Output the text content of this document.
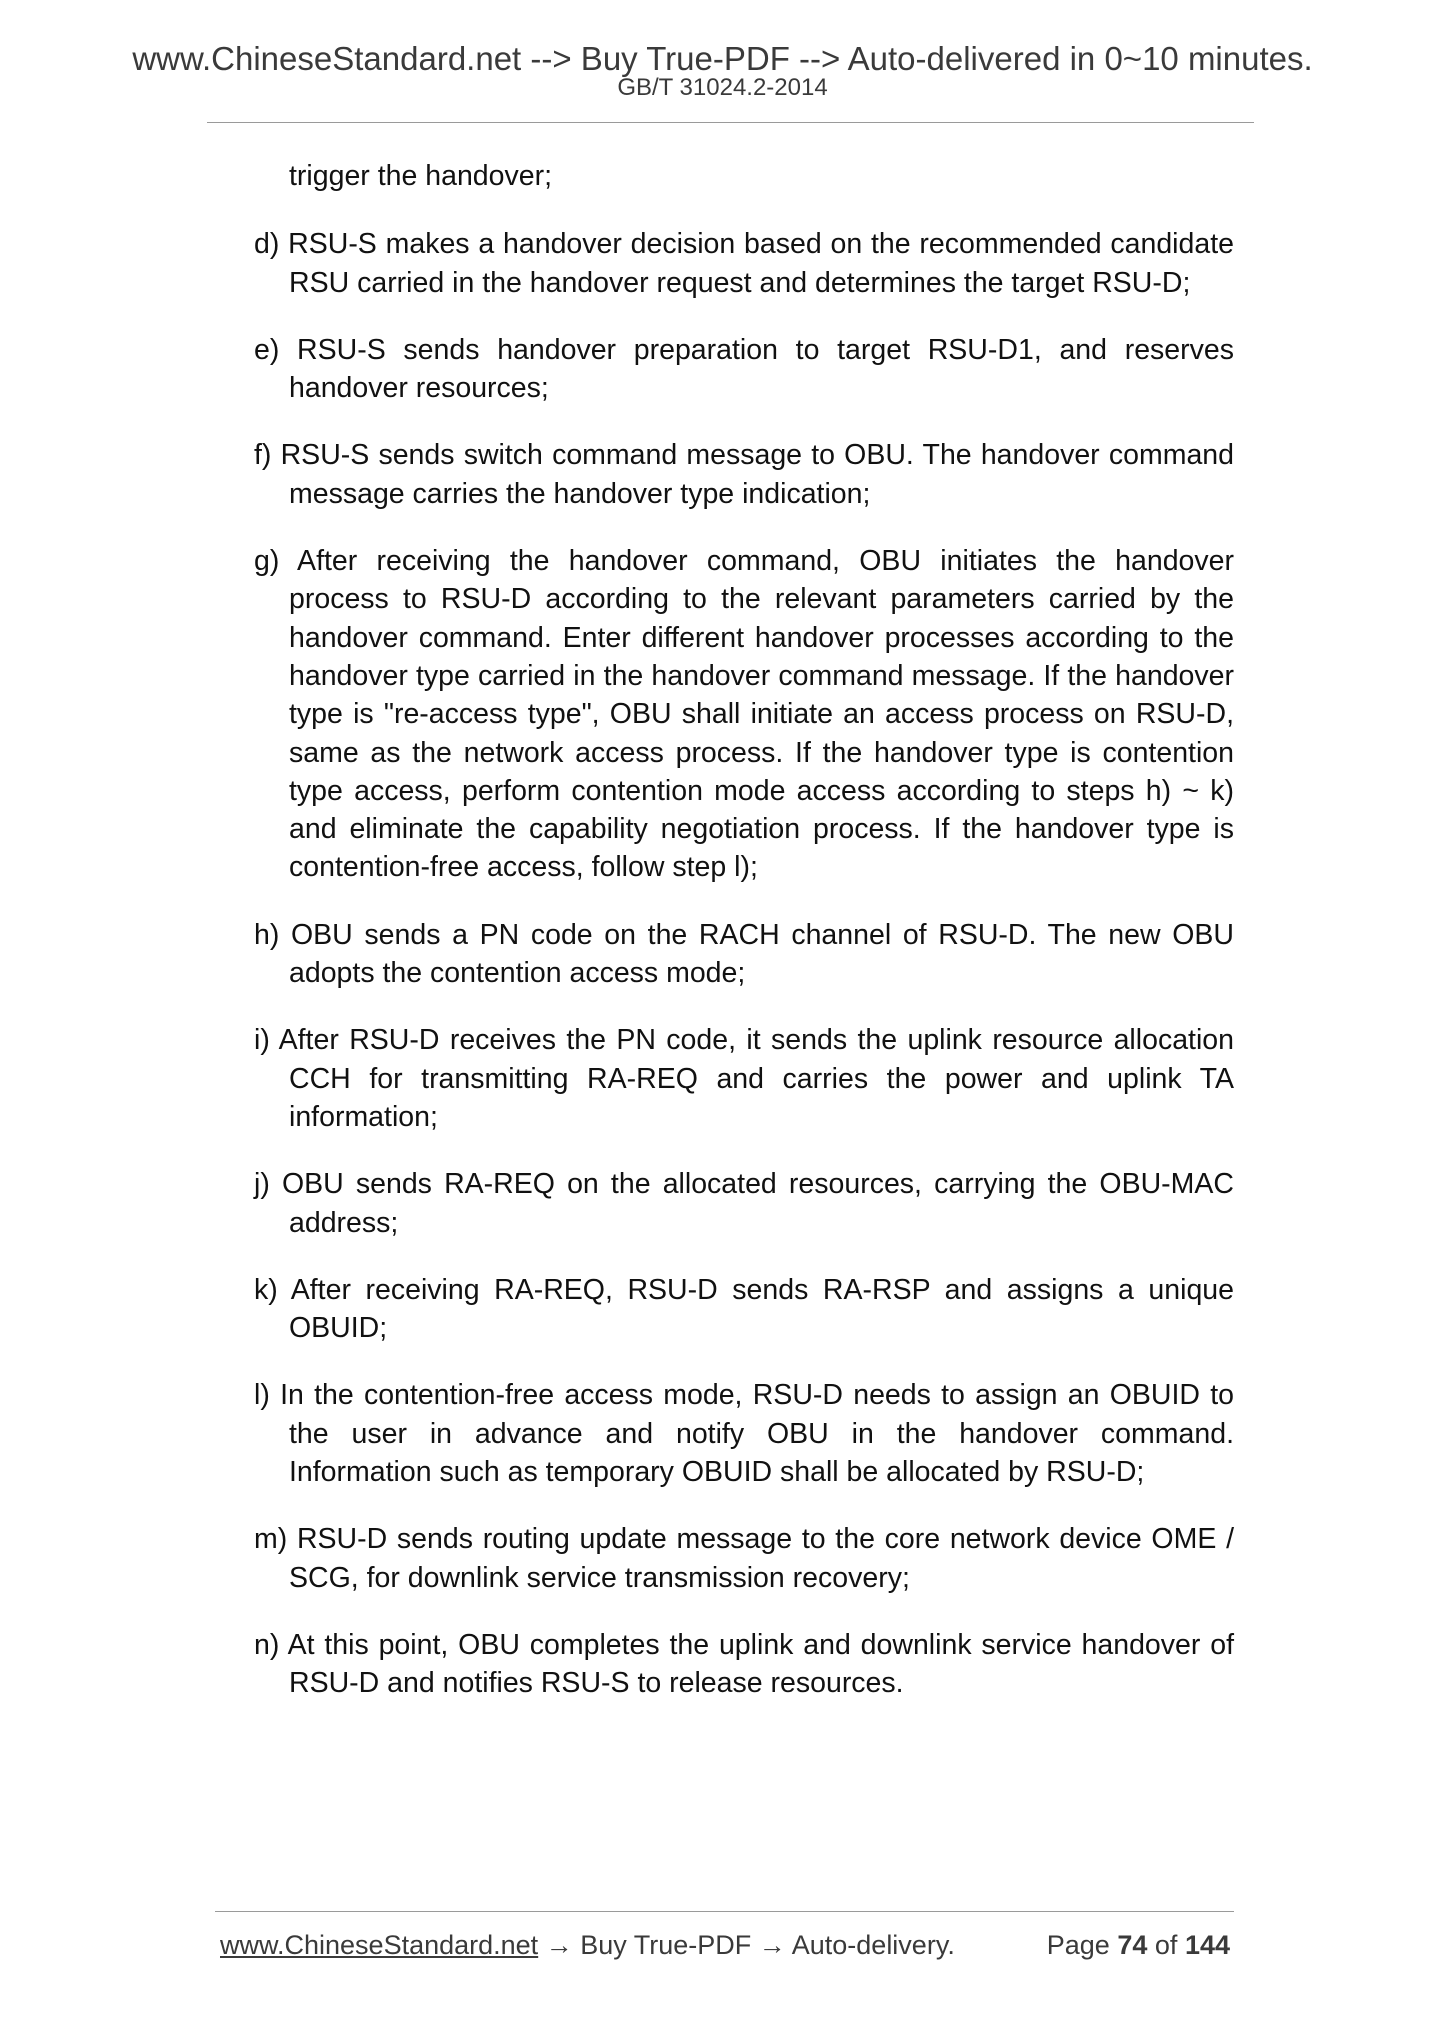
www.ChineseStandard.net --> Buy True-PDF --> Auto-delivered in 0~10 minutes.
GB/T 31024.2-2014

trigger the handover;

d) RSU-S makes a handover decision based on the recommended candidate RSU carried in the handover request and determines the target RSU-D;

e) RSU-S sends handover preparation to target RSU-D1, and reserves handover resources;

f) RSU-S sends switch command message to OBU. The handover command message carries the handover type indication;

g) After receiving the handover command, OBU initiates the handover process to RSU-D according to the relevant parameters carried by the handover command. Enter different handover processes according to the handover type carried in the handover command message. If the handover type is "re-access type", OBU shall initiate an access process on RSU-D, same as the network access process. If the handover type is contention type access, perform contention mode access according to steps h) ~ k) and eliminate the capability negotiation process. If the handover type is contention-free access, follow step l);

h) OBU sends a PN code on the RACH channel of RSU-D. The new OBU adopts the contention access mode;

i) After RSU-D receives the PN code, it sends the uplink resource allocation CCH for transmitting RA-REQ and carries the power and uplink TA information;

j) OBU sends RA-REQ on the allocated resources, carrying the OBU-MAC address;

k) After receiving RA-REQ, RSU-D sends RA-RSP and assigns a unique OBUID;

l) In the contention-free access mode, RSU-D needs to assign an OBUID to the user in advance and notify OBU in the handover command. Information such as temporary OBUID shall be allocated by RSU-D;

m) RSU-D sends routing update message to the core network device OME / SCG, for downlink service transmission recovery;

n) At this point, OBU completes the uplink and downlink service handover of RSU-D and notifies RSU-S to release resources.

www.ChineseStandard.net → Buy True-PDF → Auto-delivery.	Page 74 of 144
